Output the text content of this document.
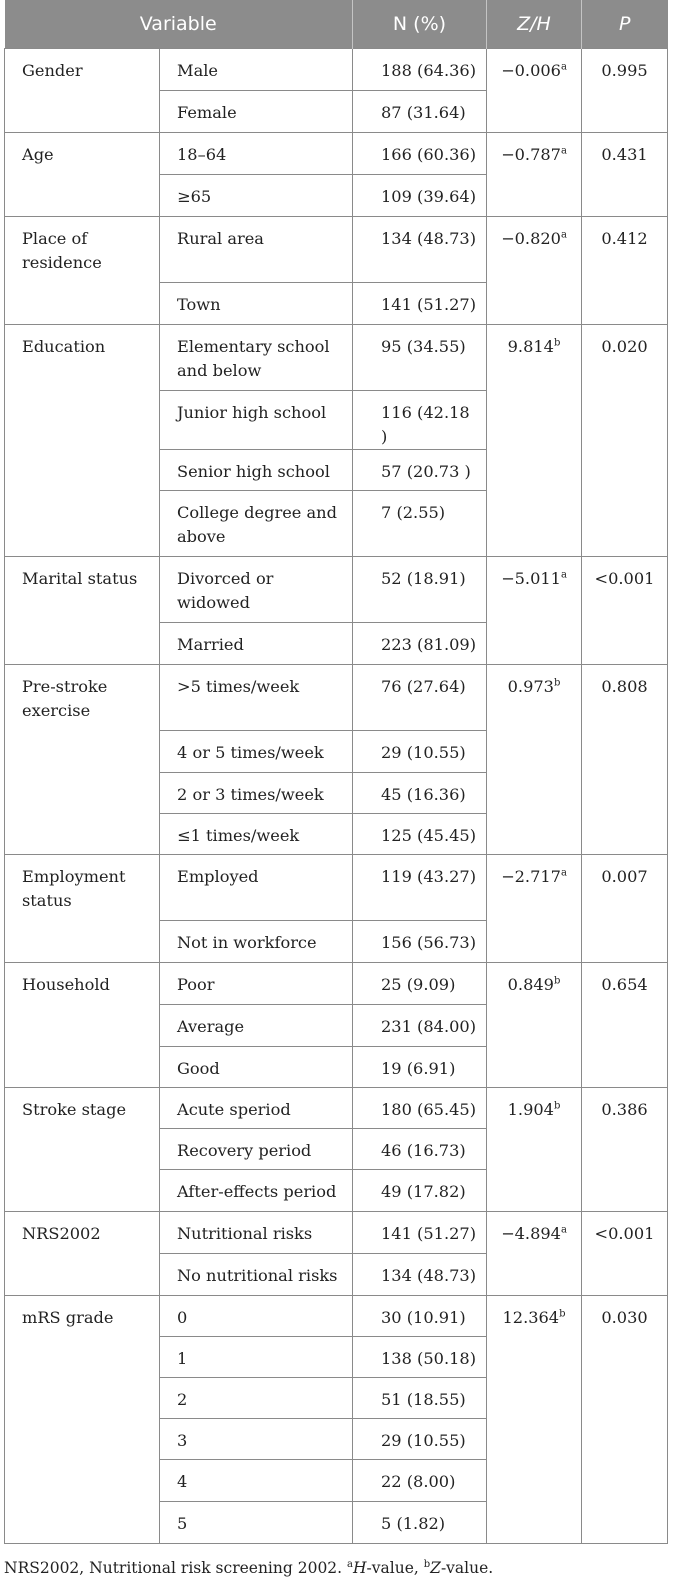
Variable		N (%)	Z/H	P
Gender	Male	188 (64.36)	−0.006$^a$	0.995
	Female	87 (31.64)		
Age	18–64	166 (60.36)	−0.787$^a$	0.431
	≥65	109 (39.64)		
Place of residence	Rural area	134 (48.73)	−0.820$^a$	0.412
	Town	141 (51.27)		
Education	Elementary school and below	95 (34.55)	9.814$^b$	0.020
	Junior high school	116 (42.18 )		
	Senior high school	57 (20.73 )		
	College degree and above	7 (2.55)		
Marital status	Divorced or widowed	52 (18.91)	−5.011$^a$	<0.001
	Married	223 (81.09)		
Pre-stroke exercise	>5 times/week	76 (27.64)	0.973$^b$	0.808
	4 or 5 times/week	29 (10.55)		
	2 or 3 times/week	45 (16.36)		
	≤1 times/week	125 (45.45)		
Employment status	Employed	119 (43.27)	−2.717$^a$	0.007
	Not in workforce	156 (56.73)		
Household	Poor	25 (9.09)	0.849$^b$	0.654
	Average	231 (84.00)		
	Good	19 (6.91)		
Stroke stage	Acute speriod	180 (65.45)	1.904$^b$	0.386
	Recovery period	46 (16.73)		
	After-effects period	49 (17.82)		
NRS2002	Nutritional risks	141 (51.27)	−4.894$^a$	<0.001
	No nutritional risks	134 (48.73)		
mRS grade	0	30 (10.91)	12.364$^b$	0.030
	1	138 (50.18)		
	2	51 (18.55)		
	3	29 (10.55)		
	4	22 (8.00)		
	5	5 (1.82)		
NRS2002, Nutritional risk screening 2002. $^a$H-value, $^b$Z-value.
